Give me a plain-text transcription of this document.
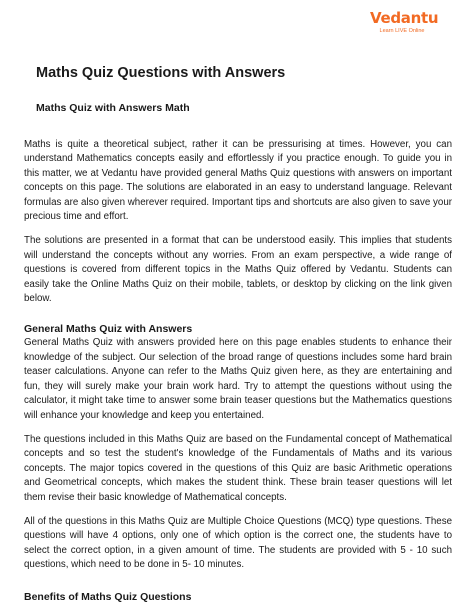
Vedantu
Learn LIVE Online
Maths Quiz Questions with Answers
Maths Quiz with Answers Math

Maths is quite a theoretical subject, rather it can be pressurising at times. However, you can understand Mathematics concepts easily and effortlessly if you practice enough. To guide you in this matter, we at Vedantu have provided general Maths Quiz questions with answers on important concepts on this page. The solutions are elaborated in an easy to understand language. Relevant formulas are also given wherever required. Important tips and shortcuts are also given to save your precious time and effort.

The solutions are presented in a format that can be understood easily. This implies that students will understand the concepts without any worries. From an exam perspective, a wide range of questions is covered from different topics in the Maths Quiz offered by Vedantu. Students can easily take the Online Maths Quiz on their mobile, tablets, or desktop by clicking on the link given below.

General Maths Quiz with Answers

General Maths Quiz with answers provided here on this page enables students to enhance their knowledge of the subject. Our selection of the broad range of questions includes some hard brain teaser calculations. Anyone can refer to the Maths Quiz given here, as they are entertaining and fun, they will surely make your brain work hard. Try to attempt the questions without using the calculator, it might take time to answer some brain teaser questions but the Mathematics questions will enhance your knowledge and keep you entertained.

The questions included in this Maths Quiz are based on the Fundamental concept of Mathematical concepts and so test the student's knowledge of the Fundamentals of Maths and its various concepts. The major topics covered in the questions of this Quiz are basic Arithmetic operations and Geometrical concepts, which makes the student think. These brain teaser questions will let them revise their basic knowledge of Mathematical concepts.

All of the questions in this Maths Quiz are Multiple Choice Questions (MCQ) type questions. These questions will have 4 options, only one of which option is the correct one, the students have to select the correct option, in a given amount of time. The students are provided with 5 - 10 such questions, which need to be done in 5- 10 minutes.

Benefits of Maths Quiz Questions
